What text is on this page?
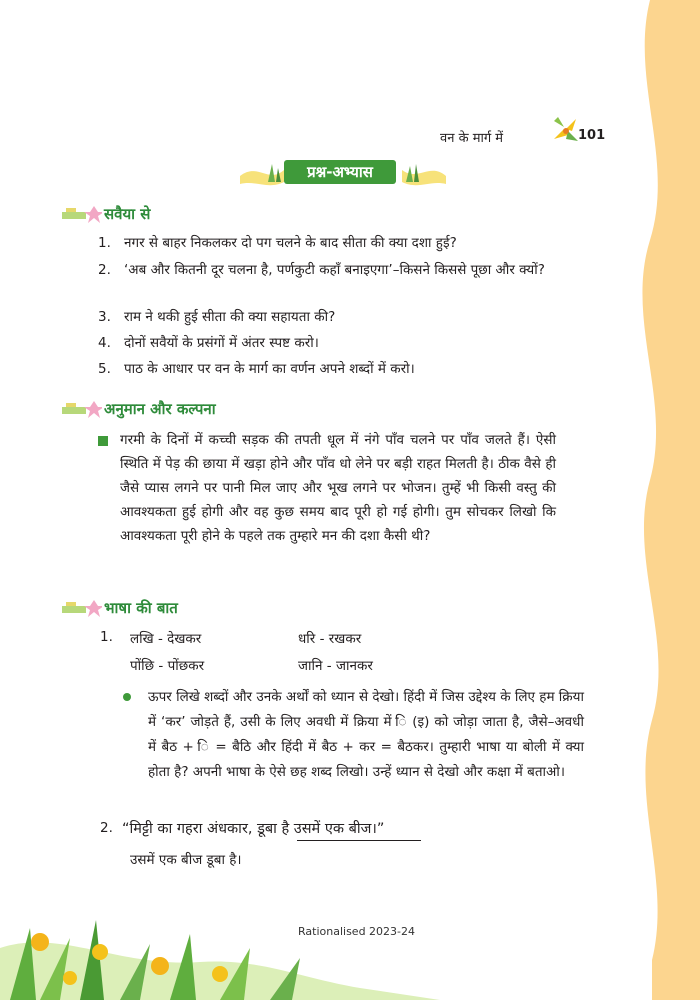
वन के मार्ग में	101
प्रश्न-अभ्यास
सवैया से
1. नगर से बाहर निकलकर दो पग चलने के बाद सीता की क्या दशा हुई?
2. ‘अब और कितनी दूर चलना है, पर्णकुटी कहाँ बनाइएगा’–किसने किससे पूछा और क्यों?
3. राम ने थकी हुई सीता की क्या सहायता की?
4. दोनों सवैयों के प्रसंगों में अंतर स्पष्ट करो।
5. पाठ के आधार पर वन के मार्ग का वर्णन अपने शब्दों में करो।
अनुमान और कल्पना
गरमी के दिनों में कच्ची सड़क की तपती धूल में नंगे पाँव चलने पर पाँव जलते हैं। ऐसी स्थिति में पेड़ की छाया में खड़ा होने और पाँव धो लेने पर बड़ी राहत मिलती है। ठीक वैसे ही जैसे प्यास लगने पर पानी मिल जाए और भूख लगने पर भोजन। तुम्हें भी किसी वस्तु की आवश्यकता हुई होगी और वह कुछ समय बाद पूरी हो गई होगी। तुम सोचकर लिखो कि आवश्यकता पूरी होने के पहले तक तुम्हारे मन की दशा कैसी थी?
भाषा की बात
1. लखि - देखकर	धरि - रखकर
पोंछि - पोंछकर	जानि - जानकर
ऊपर लिखे शब्दों और उनके अर्थों को ध्यान से देखो। हिंदी में जिस उद्देश्य के लिए हम क्रिया में ‘कर’ जोड़ते हैं, उसी के लिए अवधी में क्रिया में ि (इ) को जोड़ा जाता है, जैसे–अवधी में बैठ + ि = बैठि और हिंदी में बैठ + कर = बैठकर। तुम्हारी भाषा या बोली में क्या होता है? अपनी भाषा के ऐसे छह शब्द लिखो। उन्हें ध्यान से देखो और कक्षा में बताओ।
2. “मिट्टी का गहरा अंधकार, डूबा है उसमें एक बीज।”
उसमें एक बीज डूबा है।
Rationalised 2023-24
